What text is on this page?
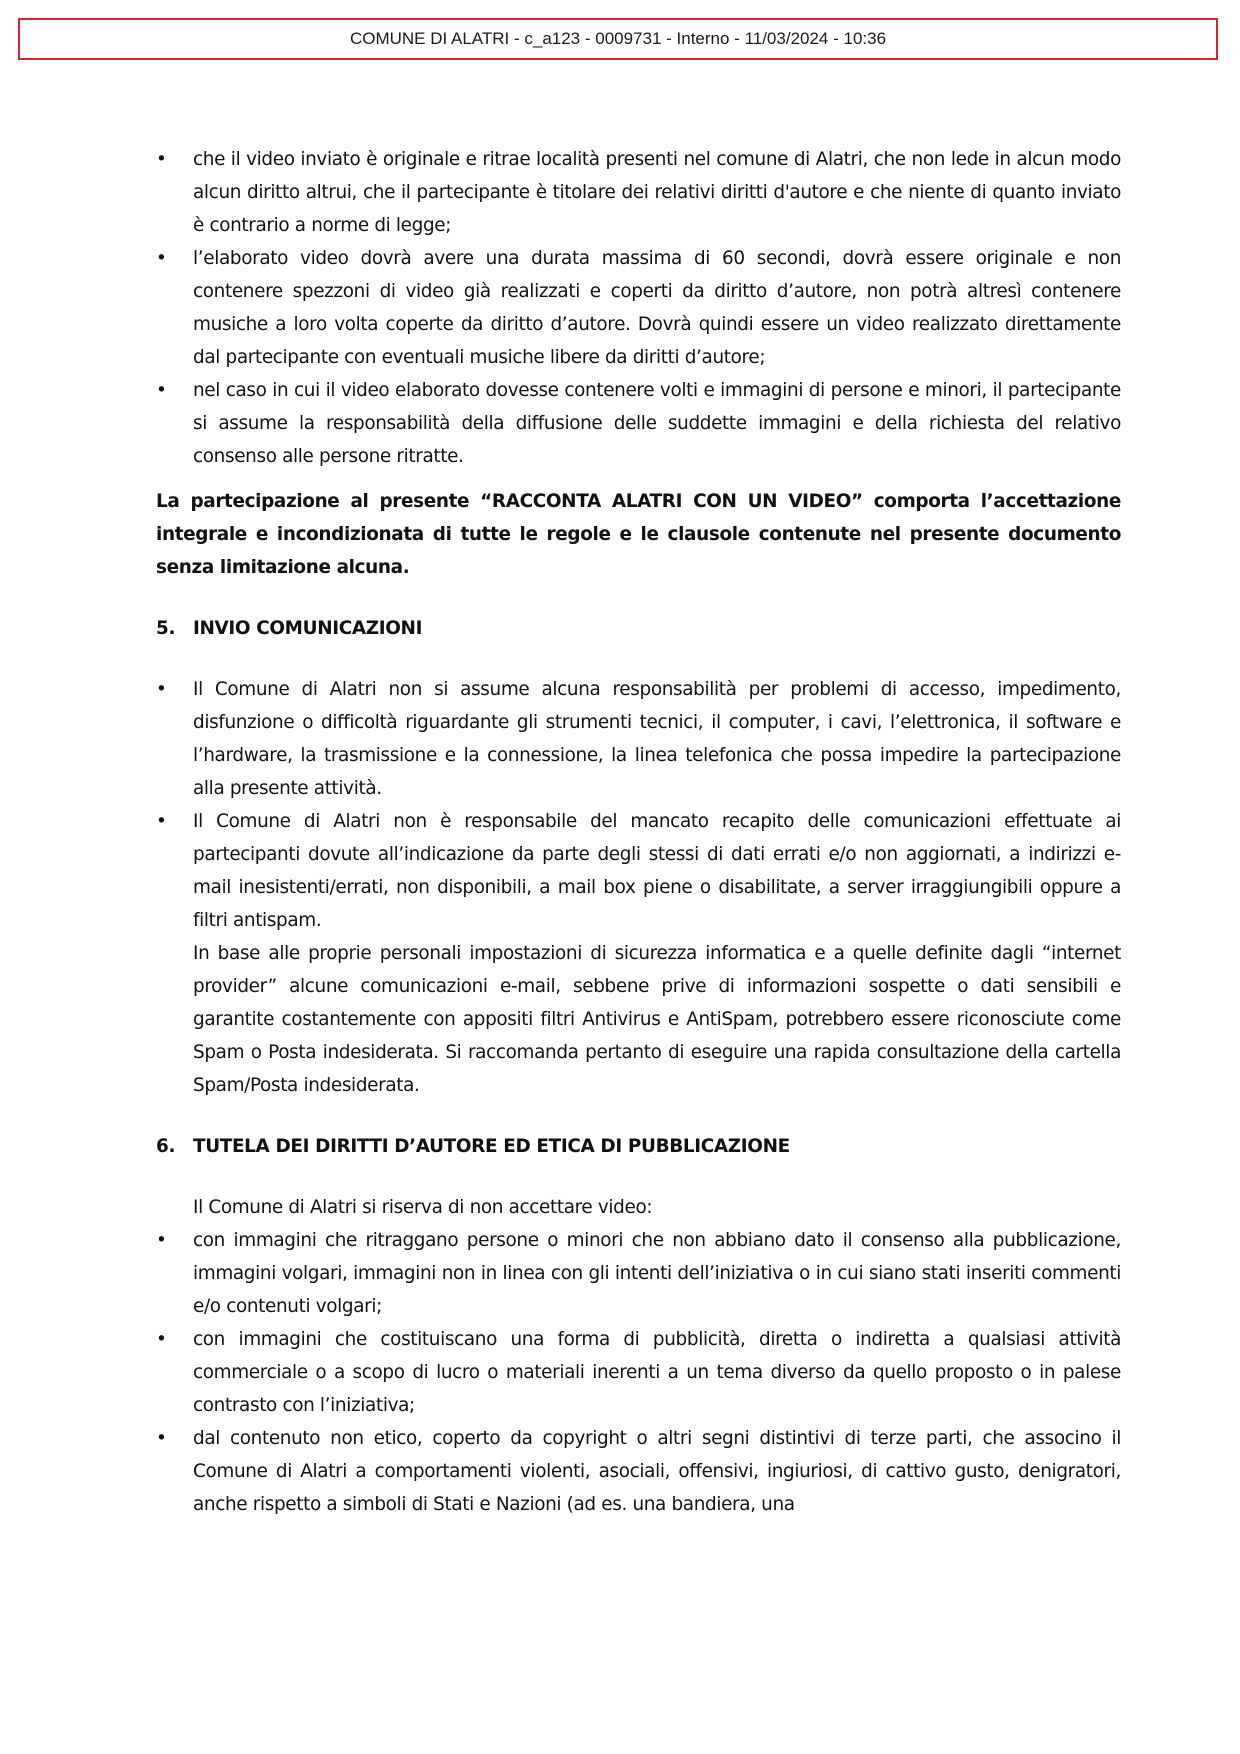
COMUNE DI ALATRI - c_a123 - 0009731 - Interno - 11/03/2024 - 10:36
•	che il video inviato è originale e ritrae località presenti nel comune di Alatri, che non lede in alcun modo alcun diritto altrui, che il partecipante è titolare dei relativi diritti d'autore e che niente di quanto inviato è contrario a norme di legge;
•	l’elaborato video dovrà avere una durata massima di 60 secondi, dovrà essere originale e non contenere spezzoni di video già realizzati e coperti da diritto d’autore, non potrà altresì contenere musiche a loro volta coperte da diritto d’autore. Dovrà quindi essere un video realizzato direttamente dal partecipante con eventuali musiche libere da diritti d’autore;
•	nel caso in cui il video elaborato dovesse contenere volti e immagini di persone e minori, il partecipante si assume la responsabilità della diffusione delle suddette immagini e della richiesta del relativo consenso alle persone ritratte.
La partecipazione al presente “RACCONTA ALATRI CON UN VIDEO” comporta l’accettazione integrale e incondizionata di tutte le regole e le clausole contenute nel presente documento senza limitazione alcuna.
5. INVIO COMUNICAZIONI
•	Il Comune di Alatri non si assume alcuna responsabilità per problemi di accesso, impedimento, disfunzione o difficoltà riguardante gli strumenti tecnici, il computer, i cavi, l’elettronica, il software e l’hardware, la trasmissione e la connessione, la linea telefonica che possa impedire la partecipazione alla presente attività.
•	Il Comune di Alatri non è responsabile del mancato recapito delle comunicazioni effettuate ai partecipanti dovute all’indicazione da parte degli stessi di dati errati e/o non aggiornati, a indirizzi e-mail inesistenti/errati, non disponibili, a mail box piene o disabilitate, a server irraggiungibili oppure a filtri antispam.
In base alle proprie personali impostazioni di sicurezza informatica e a quelle definite dagli “internet provider” alcune comunicazioni e-mail, sebbene prive di informazioni sospette o dati sensibili e garantite costantemente con appositi filtri Antivirus e AntiSpam, potrebbero essere riconosciute come Spam o Posta indesiderata. Si raccomanda pertanto di eseguire una rapida consultazione della cartella Spam/Posta indesiderata.
6. TUTELA DEI DIRITTI D’AUTORE ED ETICA DI PUBBLICAZIONE
Il Comune di Alatri si riserva di non accettare video:
•	con immagini che ritraggano persone o minori che non abbiano dato il consenso alla pubblicazione, immagini volgari, immagini non in linea con gli intenti dell’iniziativa o in cui siano stati inseriti commenti e/o contenuti volgari;
•	con immagini che costituiscano una forma di pubblicità, diretta o indiretta a qualsiasi attività commerciale o a scopo di lucro o materiali inerenti a un tema diverso da quello proposto o in palese contrasto con l’iniziativa;
•	dal contenuto non etico, coperto da copyright o altri segni distintivi di terze parti, che associno il Comune di Alatri a comportamenti violenti, asociali, offensivi, ingiuriosi, di cattivo gusto, denigratori, anche rispetto a simboli di Stati e Nazioni (ad es. una bandiera, una
